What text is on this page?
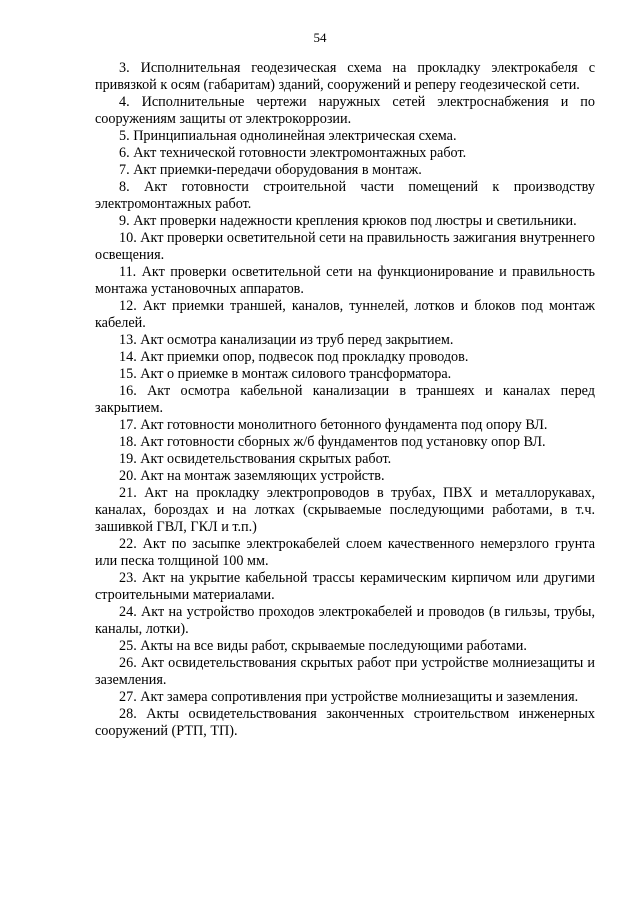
54

3. Исполнительная геодезическая схема на прокладку электрокабеля с привязкой к осям (габаритам) зданий, сооружений и реперу геодезической сети.

4. Исполнительные чертежи наружных сетей электроснабжения и по сооружениям защиты от электрокоррозии.

5. Принципиальная однолинейная электрическая схема.

6. Акт технической готовности электромонтажных работ.

7. Акт приемки-передачи оборудования в монтаж.

8. Акт готовности строительной части помещений к производству электромонтажных работ.

9. Акт проверки надежности крепления крюков под люстры и светильники.

10. Акт проверки осветительной сети на правильность зажигания внутреннего освещения.

11. Акт проверки осветительной сети на функционирование и правильность монтажа установочных аппаратов.

12. Акт приемки траншей, каналов, туннелей, лотков и блоков под монтаж кабелей.

13. Акт осмотра канализации из труб перед закрытием.

14. Акт приемки опор, подвесок под прокладку проводов.

15. Акт о приемке в монтаж силового трансформатора.

16. Акт осмотра кабельной канализации в траншеях и каналах перед закрытием.

17. Акт готовности монолитного бетонного фундамента под опору ВЛ.

18. Акт готовности сборных ж/б фундаментов под установку опор ВЛ.

19. Акт освидетельствования скрытых работ.

20. Акт на монтаж заземляющих устройств.

21. Акт на прокладку электропроводов в трубах, ПВХ и металлорукавах, каналах, бороздах и на лотках (скрываемые последующими работами, в т.ч. зашивкой ГВЛ, ГКЛ и т.п.)

22. Акт по засыпке электрокабелей слоем качественного немерзлого грунта или песка толщиной 100 мм.

23. Акт на укрытие кабельной трассы керамическим кирпичом или другими строительными материалами.

24. Акт на устройство проходов электрокабелей и проводов (в гильзы, трубы, каналы, лотки).

25. Акты на все виды работ, скрываемые последующими работами.

26. Акт освидетельствования скрытых работ при устройстве молниезащиты и заземления.

27. Акт замера сопротивления при устройстве молниезащиты и заземления.

28. Акты освидетельствования законченных строительством инженерных сооружений (РТП, ТП).
